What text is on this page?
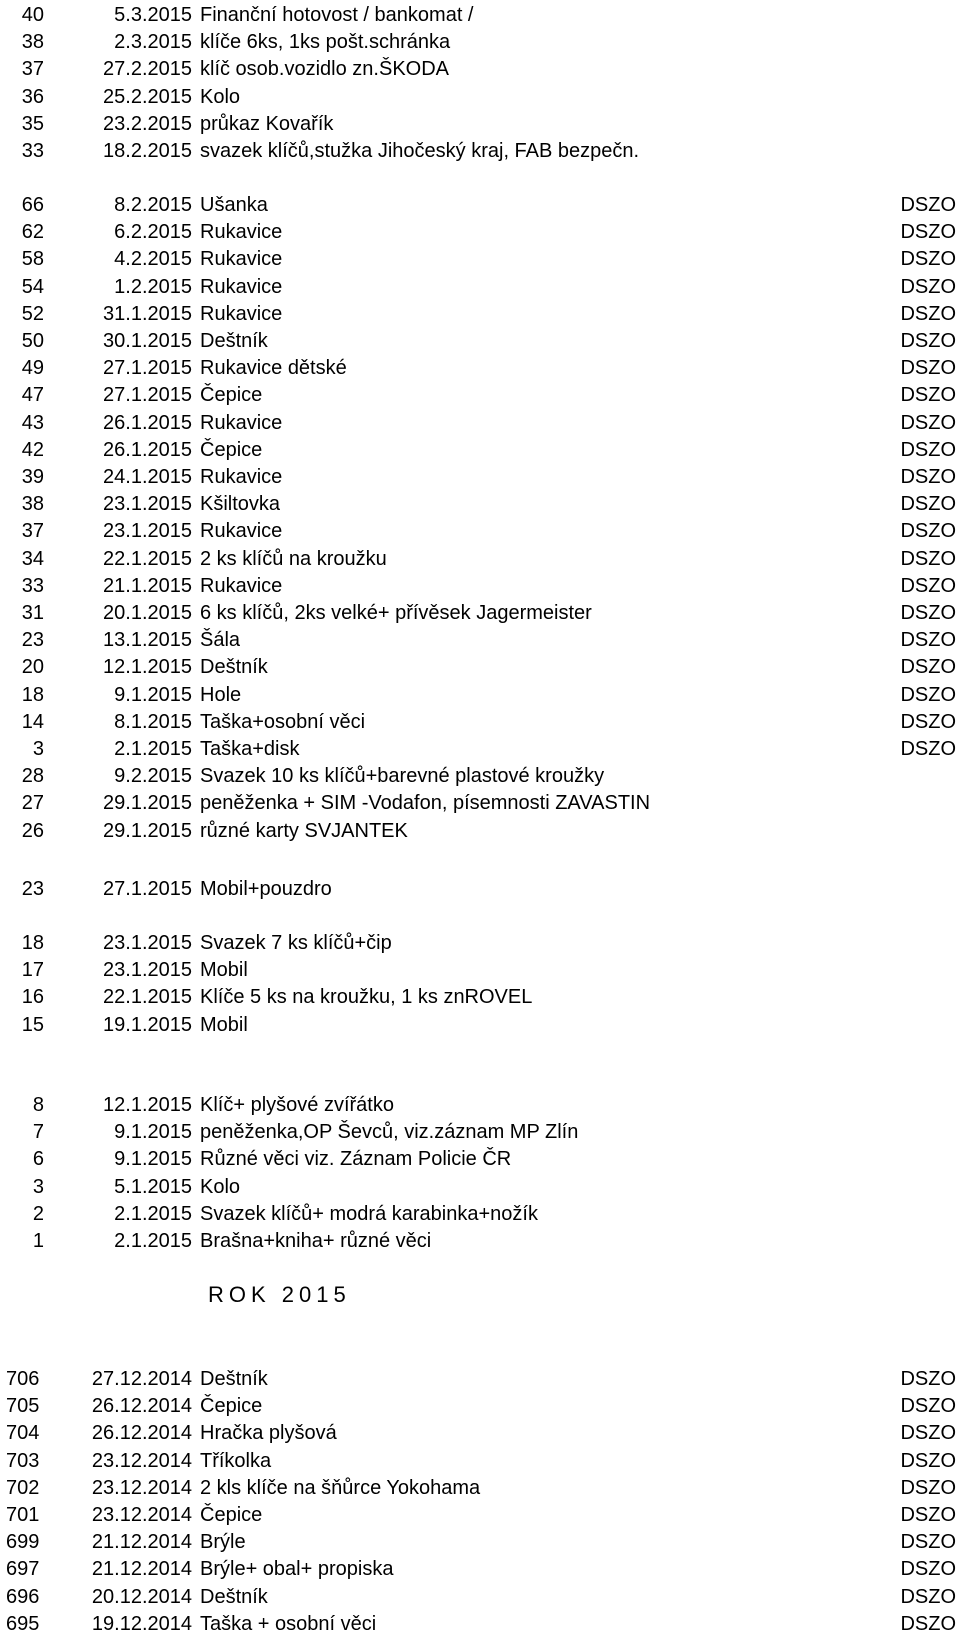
40	5.3.2015 Finanční hotovost / bankomat /
38	2.3.2015 klíče 6ks, 1ks pošt.schránka
37	27.2.2015 klíč osob.vozidlo zn.ŠKODA
36	25.2.2015 Kolo
35	23.2.2015 průkaz Kovařík
33	18.2.2015 svazek klíčů,stužka Jihočeský kraj, FAB bezpečn.
66	8.2.2015 Ušanka	DSZO
62	6.2.2015 Rukavice	DSZO
58	4.2.2015 Rukavice	DSZO
54	1.2.2015 Rukavice	DSZO
52	31.1.2015 Rukavice	DSZO
50	30.1.2015 Deštník	DSZO
49	27.1.2015 Rukavice dětské	DSZO
47	27.1.2015 Čepice	DSZO
43	26.1.2015 Rukavice	DSZO
42	26.1.2015 Čepice	DSZO
39	24.1.2015 Rukavice	DSZO
38	23.1.2015 Kšiltovka	DSZO
37	23.1.2015 Rukavice	DSZO
34	22.1.2015 2 ks klíčů na kroužku	DSZO
33	21.1.2015 Rukavice	DSZO
31	20.1.2015 6 ks klíčů, 2ks velké+ přívěsek Jagermeister	DSZO
23	13.1.2015 Šála	DSZO
20	12.1.2015 Deštník	DSZO
18	9.1.2015 Hole	DSZO
14	8.1.2015 Taška+osobní věci	DSZO
3	2.1.2015 Taška+disk	DSZO
28	9.2.2015 Svazek 10 ks klíčů+barevné plastové kroužky
27	29.1.2015 peněženka + SIM -Vodafon, písemnosti ZAVASTIN
26	29.1.2015 různé karty SVJANTEK
23	27.1.2015 Mobil+pouzdro
18	23.1.2015 Svazek 7 ks klíčů+čip
17	23.1.2015 Mobil
16	22.1.2015 Klíče 5 ks na kroužku, 1 ks znROVEL
15	19.1.2015 Mobil
8	12.1.2015 Klíč+ plyšové zvířátko
7	9.1.2015 peněženka,OP Ševců, viz.záznam MP Zlín
6	9.1.2015 Různé věci viz. Záznam Policie ČR
3	5.1.2015 Kolo
2	2.1.2015 Svazek klíčů+ modrá karabinka+nožík
1	2.1.2015 Brašna+kniha+ různé věci
706	27.12.2014 Deštník	DSZO
705	26.12.2014 Čepice	DSZO
704	26.12.2014 Hračka plyšová	DSZO
703	23.12.2014 Tříkolka	DSZO
702	23.12.2014 2 kls klíče na šňůrce Yokohama	DSZO
701	23.12.2014 Čepice	DSZO
699	21.12.2014 Brýle	DSZO
697	21.12.2014 Brýle+ obal+ propiska	DSZO
696	20.12.2014 Deštník	DSZO
695	19.12.2014 Taška + osobní věci	DSZO
ROK 2015
